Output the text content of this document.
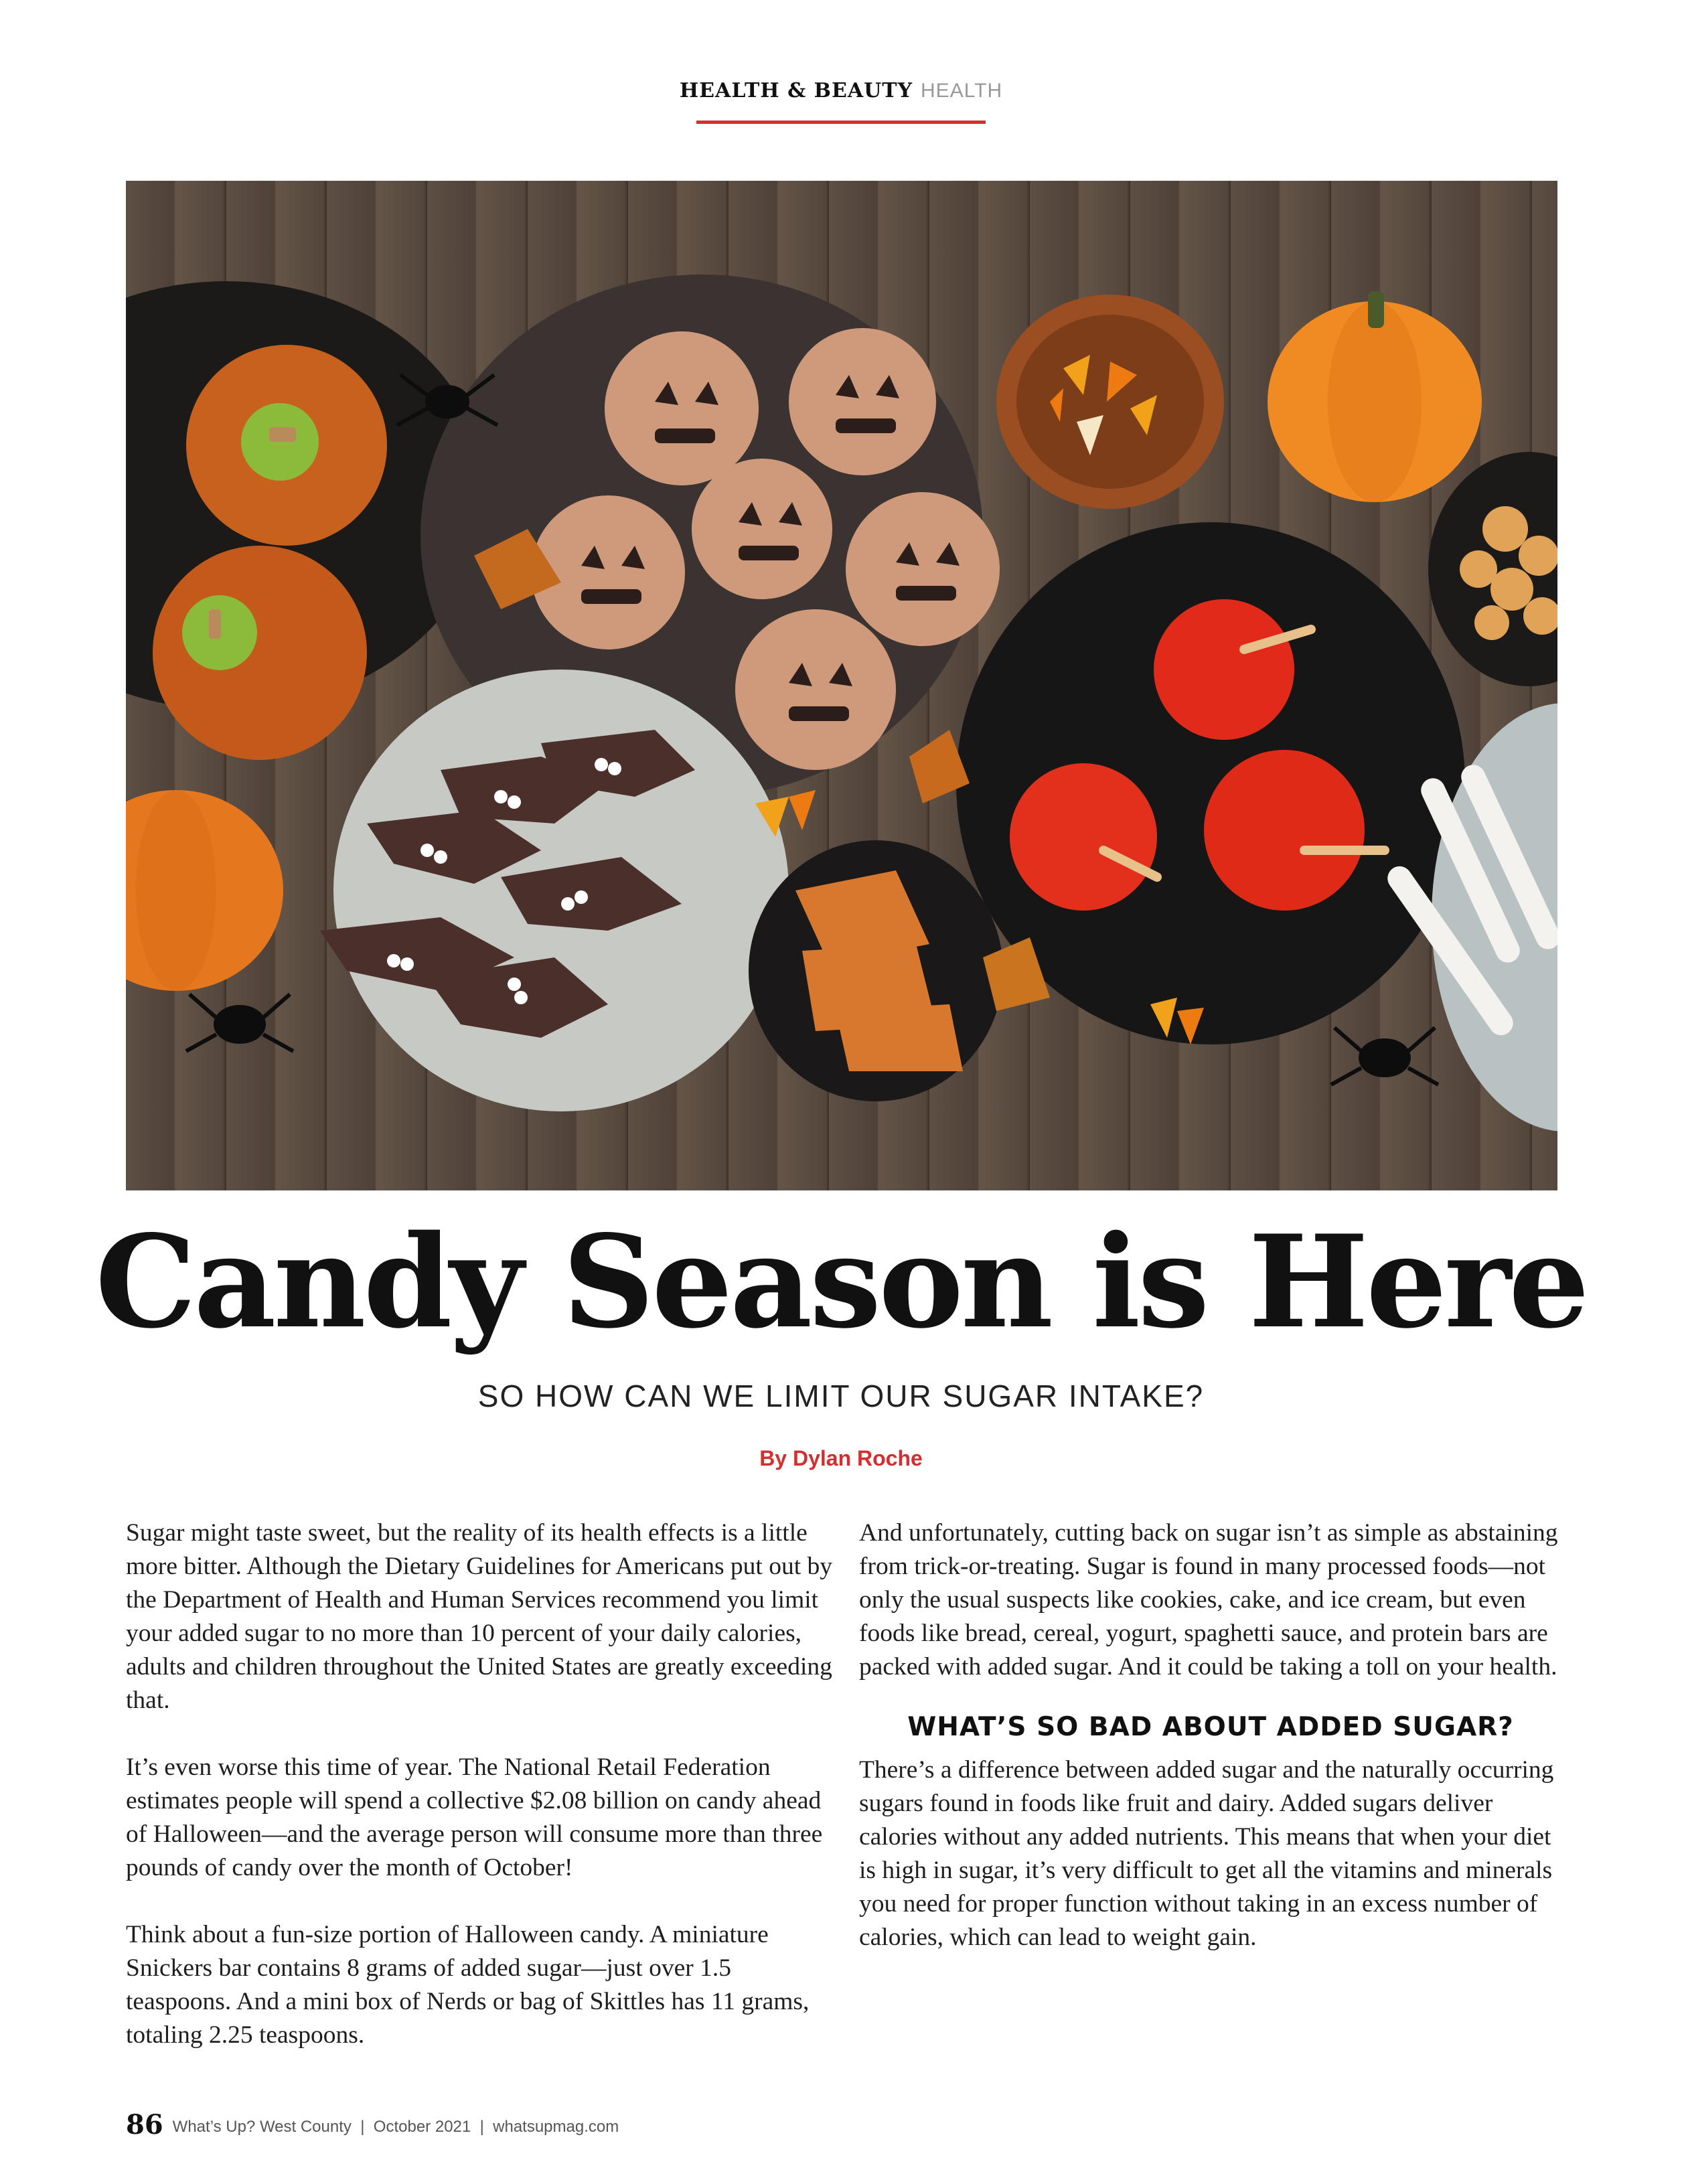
HEALTH & BEAUTY HEALTH
Candy Season is Here
SO HOW CAN WE LIMIT OUR SUGAR INTAKE?
By Dylan Roche

Sugar might taste sweet, but the reality of its health effects is a little more bitter. Although the Dietary Guidelines for Americans put out by the Department of Health and Human Services recommend you limit your added sugar to no more than 10 percent of your daily calories, adults and children throughout the United States are greatly exceeding that.

It’s even worse this time of year. The National Retail Federation estimates people will spend a collective $2.08 billion on candy ahead of Halloween—and the average person will consume more than three pounds of candy over the month of October!

Think about a fun-size portion of Halloween candy. A miniature Snickers bar contains 8 grams of added sugar—just over 1.5 teaspoons. And a mini box of Nerds or bag of Skittles has 11 grams, totaling 2.25 teaspoons.

And unfortunately, cutting back on sugar isn’t as simple as abstaining from trick-or-treating. Sugar is found in many processed foods—not only the usual suspects like cookies, cake, and ice cream, but even foods like bread, cereal, yogurt, spaghetti sauce, and protein bars are packed with added sugar. And it could be taking a toll on your health.

WHAT’S SO BAD ABOUT ADDED SUGAR?

There’s a difference between added sugar and the naturally occurring sugars found in foods like fruit and dairy. Added sugars deliver calories without any added nutrients. This means that when your diet is high in sugar, it’s very difficult to get all the vitamins and minerals you need for proper function without taking in an excess number of calories, which can lead to weight gain.

86 What’s Up? West County  |  October 2021  |  whatsupmag.com
